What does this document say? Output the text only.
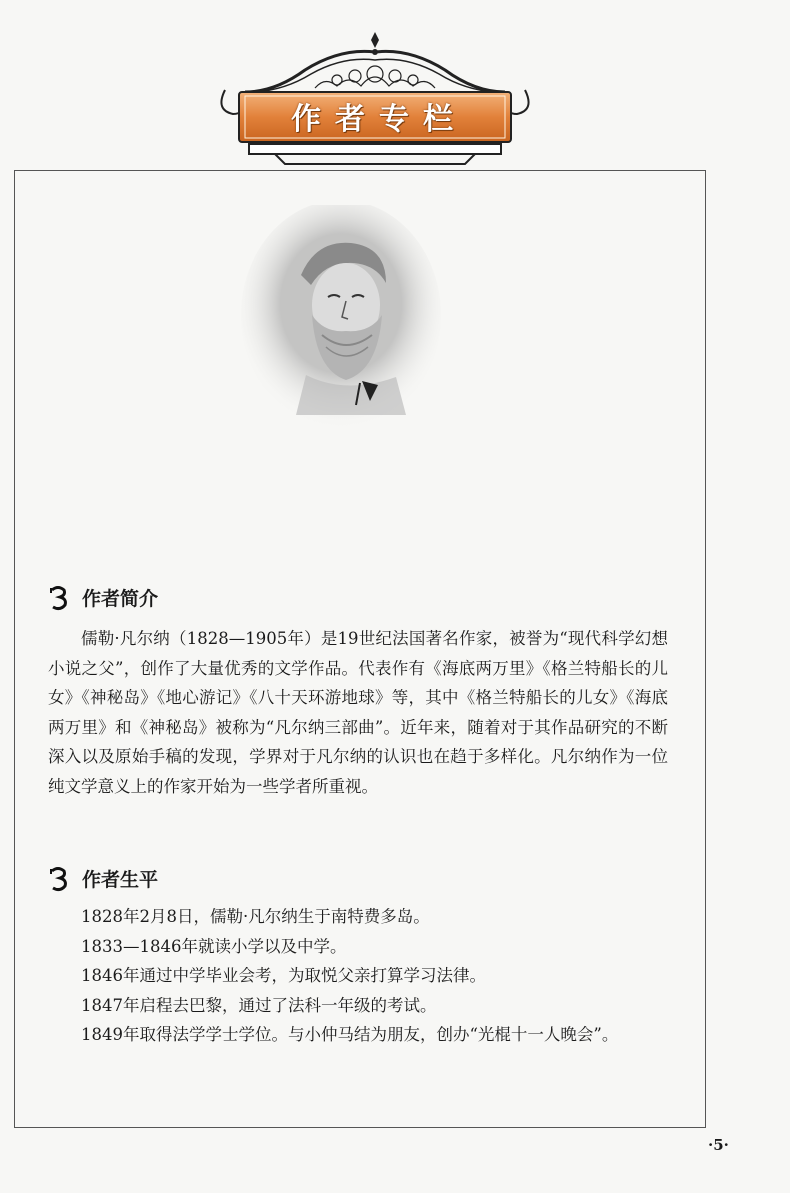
作者专栏
作者简介

儒勒·凡尔纳（1828—1905年）是19世纪法国著名作家，被誉为“现代科学幻想小说之父”，创作了大量优秀的文学作品。代表作有《海底两万里》《格兰特船长的儿女》《神秘岛》《地心游记》《八十天环游地球》等，其中《格兰特船长的儿女》《海底两万里》和《神秘岛》被称为“凡尔纳三部曲”。近年来，随着对于其作品研究的不断深入以及原始手稿的发现，学界对于凡尔纳的认识也在趋于多样化。凡尔纳作为一位纯文学意义上的作家开始为一些学者所重视。

作者生平
1828年2月8日，儒勒·凡尔纳生于南特费多岛。
1833—1846年就读小学以及中学。
1846年通过中学毕业会考，为取悦父亲打算学习法律。
1847年启程去巴黎，通过了法科一年级的考试。
1849年取得法学学士学位。与小仲马结为朋友，创办“光棍十一人晚会”。
·5·
